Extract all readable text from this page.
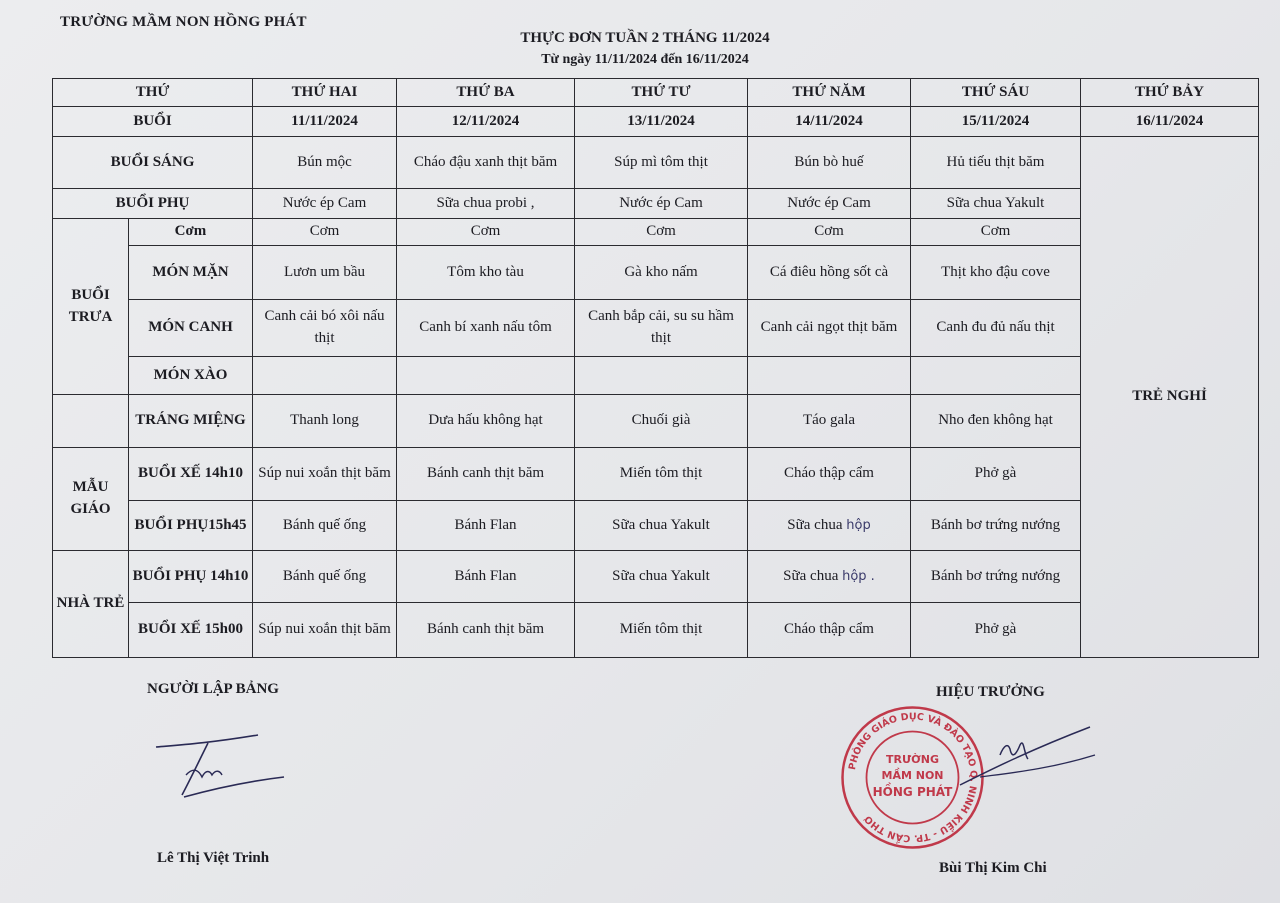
TRƯỜNG MẦM NON HỒNG PHÁT
THỰC ĐƠN TUẦN 2 THÁNG 11/2024
Từ ngày 11/11/2024 đến 16/11/2024
THỨ		THỨ HAI	THỨ BA	THỨ TƯ	THỨ NĂM	THỨ SÁU	THỨ BẢY
BUỔI		11/11/2024	12/11/2024	13/11/2024	14/11/2024	15/11/2024	16/11/2024
BUỔI SÁNG		Bún mộc	Cháo đậu xanh thịt băm	Súp mì tôm thịt	Bún bò huế	Hủ tiếu thịt băm	TRẺ NGHỈ
BUỔI PHỤ		Nước ép Cam	Sữa chua probi ,	Nước ép Cam	Nước ép Cam	Sữa chua Yakult	
BUỔI TRƯA	Cơm	Cơm	Cơm	Cơm	Cơm	Cơm	
	MÓN MẶN	Lươn um bầu	Tôm kho tàu	Gà kho nấm	Cá điêu hồng sốt cà	Thịt kho đậu cove	
	MÓN CANH	Canh cải bó xôi nấu thịt	Canh bí xanh nấu tôm	Canh bắp cải, su su hầm thịt	Canh cải ngọt thịt băm	Canh đu đủ nấu thịt	
	MÓN XÀO						
	TRÁNG MIỆNG	Thanh long	Dưa hấu không hạt	Chuối già	Táo gala	Nho đen không hạt	
MẪU GIÁO	BUỔI XẾ 14h10	Súp nui xoắn thịt băm	Bánh canh thịt băm	Miến tôm thịt	Cháo thập cẩm	Phở gà	
	BUỔI PHỤ15h45	Bánh quế ống	Bánh Flan	Sữa chua Yakult	Sữa chua hộp	Bánh bơ trứng nướng	
NHÀ TRẺ	BUỔI PHỤ 14h10	Bánh quế ống	Bánh Flan	Sữa chua Yakult	Sữa chua hộp .	Bánh bơ trứng nướng	
	BUỔI XẾ 15h00	Súp nui xoắn thịt băm	Bánh canh thịt băm	Miến tôm thịt	Cháo thập cẩm	Phở gà	
NGƯỜI LẬP BẢNG	HIỆU TRƯỞNG
PHÒNG GIÁO DỤC VÀ ĐÀO TẠO Q. NINH KIỀU - TP. CẦN THƠ
TRƯỜNG
MẦM NON
HỒNG PHÁT
Lê Thị Việt Trinh
Bùi Thị Kim Chi
